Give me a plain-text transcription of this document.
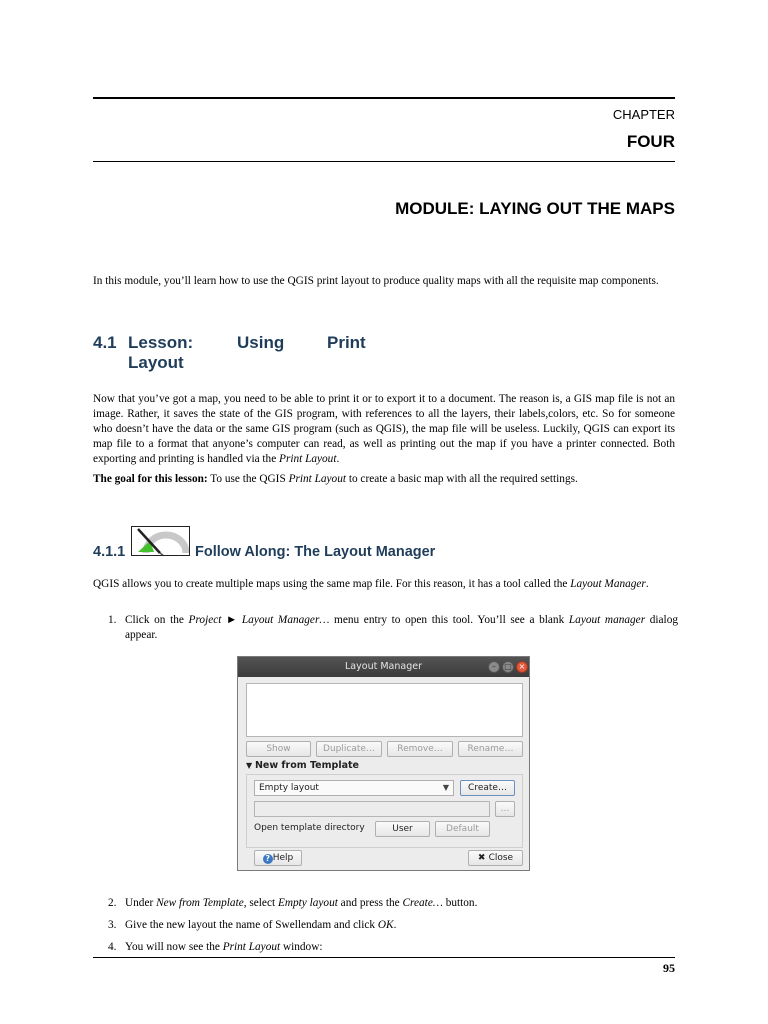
CHAPTER
FOUR
MODULE: LAYING OUT THE MAPS

In this module, you’ll learn how to use the QGIS print layout to produce quality maps with all the requisite map components.

4.1 Lesson:	Using	Print
Layout

Now that you’ve got a map, you need to be able to print it or to export it to a document. The reason is, a GIS map file is not an image. Rather, it saves the state of the GIS program, with references to all the layers, their labels,colors, etc. So for someone who doesn’t have the data or the same GIS program (such as QGIS), the map file will be useless. Luckily, QGIS can export its map file to a format that anyone’s computer can read, as well as printing out the map if you have a printer connected. Both exporting and printing is handled via the Print Layout.

The goal for this lesson: To use the QGIS Print Layout to create a basic map with all the required settings.

4.1.1	Follow Along: The Layout Manager

QGIS allows you to create multiple maps using the same map file. For this reason, it has a tool called the Layout Manager.

1. Click on the Project ► Layout Manager… menu entry to open this tool. You’ll see a blank Layout manager dialog appear.
Layout Manager	–	□ ×
Show	Duplicate…	Remove…	Rename…
▼ New from Template
Empty layout	▼	Create…
…
Open template directory	User	Default
? Help	✖ Close
2. Under New from Template, select Empty layout and press the Create… button.
3. Give the new layout the name of Swellendam and click OK.
4. You will now see the Print Layout window:
95
